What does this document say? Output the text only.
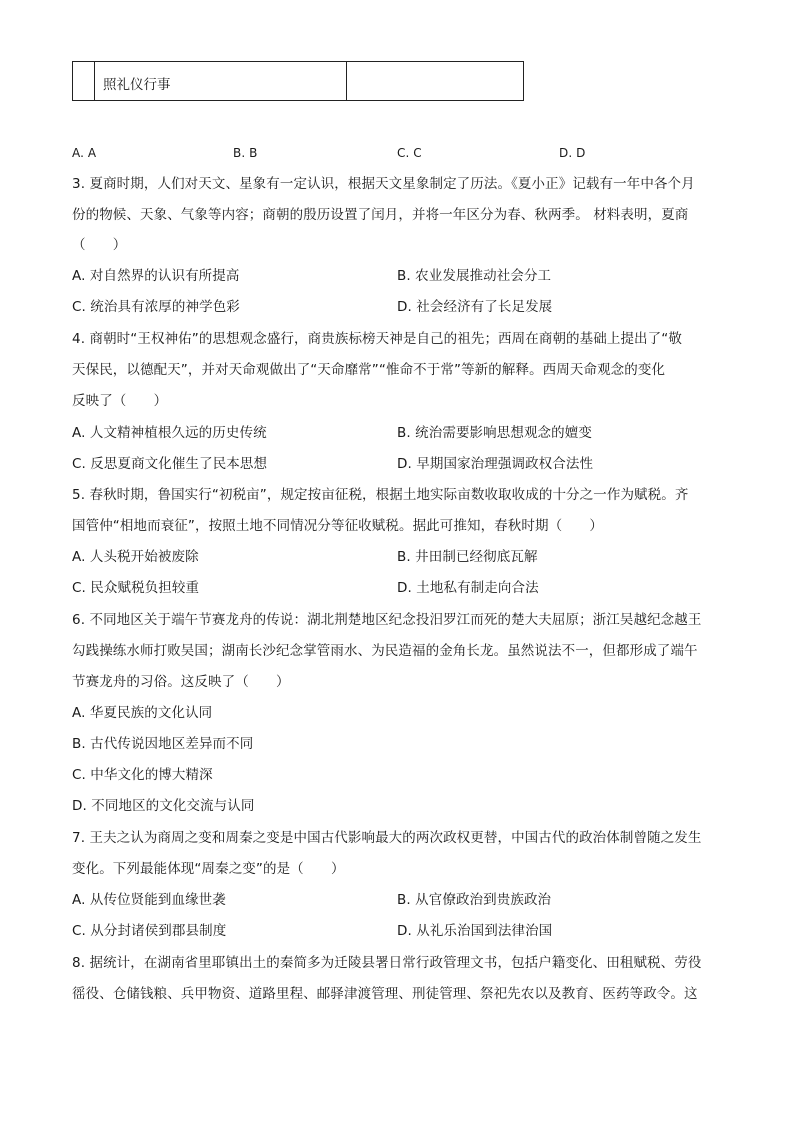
照礼仪行事
A. A	B. B	C. C	D. D
3. 夏商时期，人们对天文、星象有一定认识，根据天文星象制定了历法。《夏小正》记载有一年中各个月
份的物候、天象、气象等内容；商朝的殷历设置了闰月，并将一年区分为春、秋两季。 材料表明，夏商
（　　）
A. 对自然界的认识有所提高	B. 农业发展推动社会分工
C. 统治具有浓厚的神学色彩	D. 社会经济有了长足发展
4. 商朝时“王权神佑”的思想观念盛行，商贵族标榜天神是自己的祖先；西周在商朝的基础上提出了“敬
天保民，以德配天”，并对天命观做出了“天命靡常”“惟命不于常”等新的解释。西周天命观念的变化
反映了（　　）
A. 人文精神植根久远的历史传统	B. 统治需要影响思想观念的嬗变
C. 反思夏商文化催生了民本思想	D. 早期国家治理强调政权合法性
5. 春秋时期，鲁国实行“初税亩”，规定按亩征税，根据土地实际亩数收取收成的十分之一作为赋税。齐
国管仲“相地而衰征”，按照土地不同情况分等征收赋税。据此可推知，春秋时期（　　）
A. 人头税开始被废除	B. 井田制已经彻底瓦解
C. 民众赋税负担较重	D. 土地私有制走向合法
6. 不同地区关于端午节赛龙舟的传说：湖北荆楚地区纪念投汨罗江而死的楚大夫屈原；浙江吴越纪念越王
勾践操练水师打败吴国；湖南长沙纪念掌管雨水、为民造福的金角长龙。虽然说法不一，但都形成了端午
节赛龙舟的习俗。这反映了（　　）
A. 华夏民族的文化认同
B. 古代传说因地区差异而不同
C. 中华文化的博大精深
D. 不同地区的文化交流与认同
7. 王夫之认为商周之变和周秦之变是中国古代影响最大的两次政权更替，中国古代的政治体制曾随之发生
变化。下列最能体现“周秦之变”的是（　　）
A. 从传位贤能到血缘世袭	B. 从官僚政治到贵族政治
C. 从分封诸侯到郡县制度	D. 从礼乐治国到法律治国
8. 据统计，在湖南省里耶镇出土的秦简多为迁陵县署日常行政管理文书，包括户籍变化、田租赋税、劳役
徭役、仓储钱粮、兵甲物资、道路里程、邮驿津渡管理、刑徒管理、祭祀先农以及教育、医药等政令。这
